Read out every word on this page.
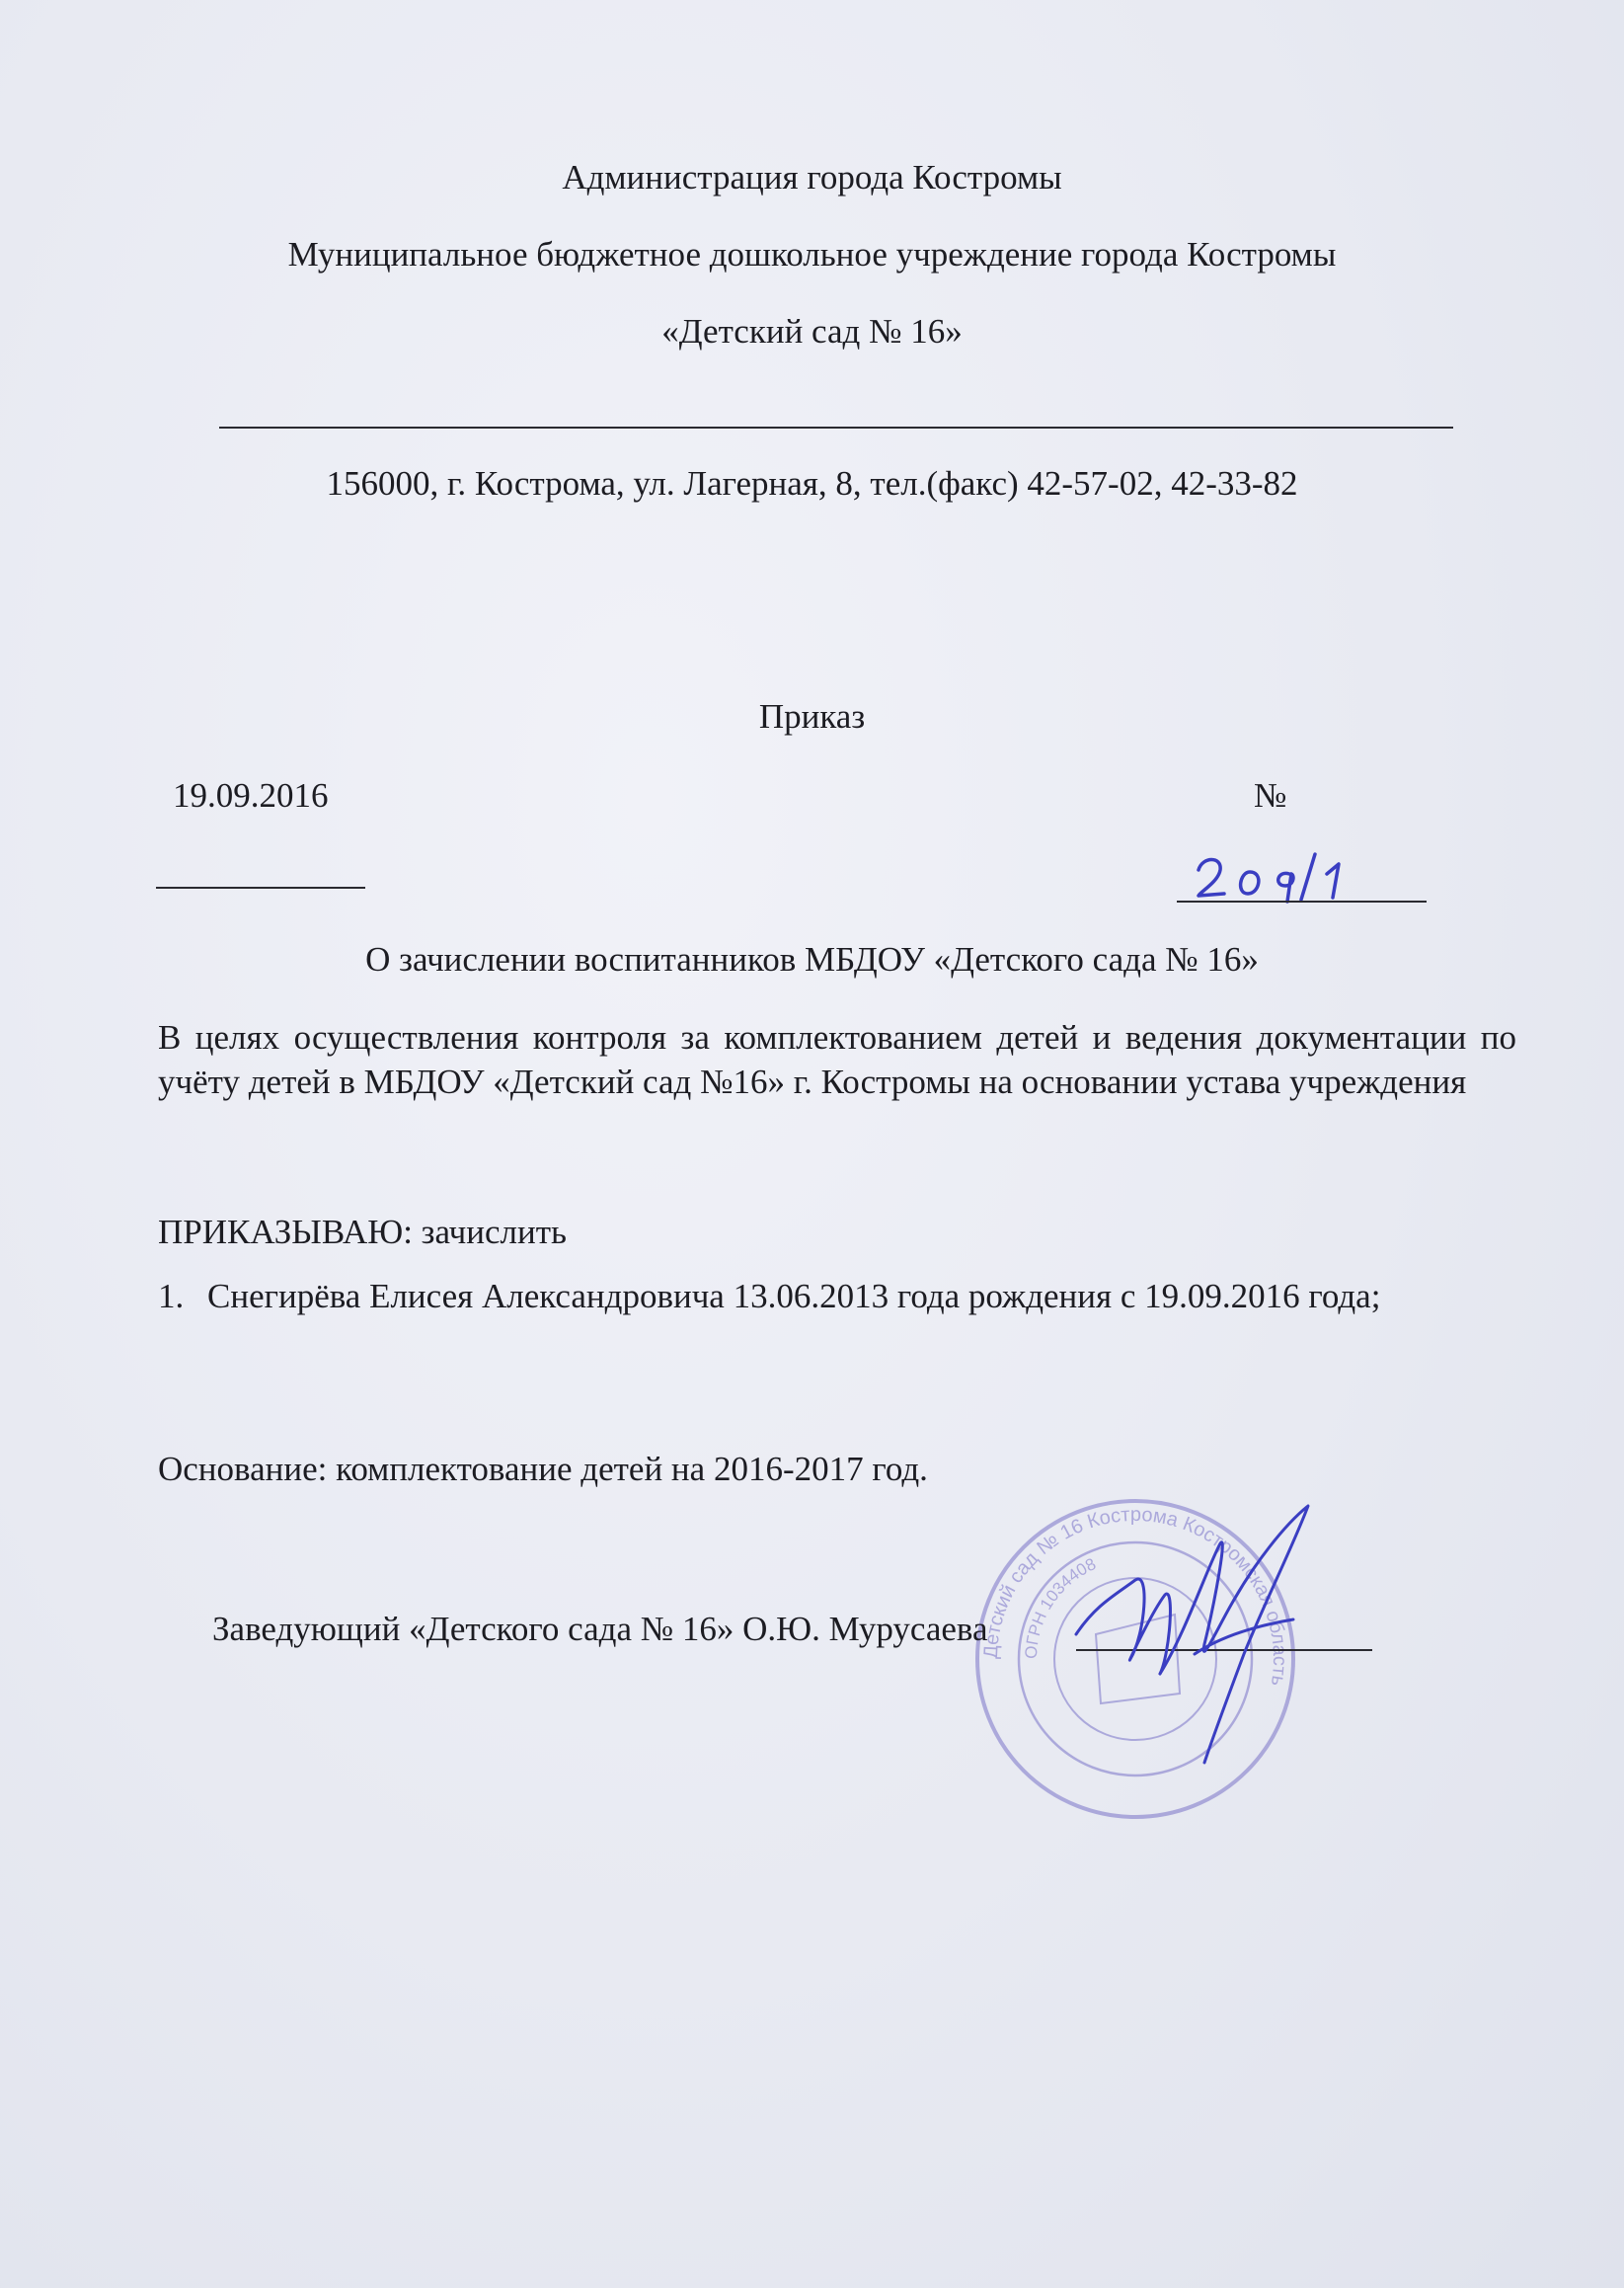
Администрация города Костромы
Муниципальное бюджетное дошкольное учреждение города Костромы
«Детский сад № 16»
156000, г. Кострома, ул. Лагерная, 8, тел.(факс) 42-57-02, 42-33-82
Приказ
19.09.2016	№
О зачислении воспитанников МБДОУ «Детского сада № 16»
В целях осуществления контроля за комплектованием детей и ведения документации по учёту детей в МБДОУ «Детский сад №16» г. Костромы на основании устава учреждения
ПРИКАЗЫВАЮ: зачислить
1. Снегирёва Елисея Александровича 13.06.2013 года рождения с 19.09.2016 года;
Основание: комплектование детей на 2016-2017 год.
Детский сад № 16 Кострома Костромская область
ОГРН 1034408
Заведующий «Детского сада № 16» О.Ю. Мурусаева
